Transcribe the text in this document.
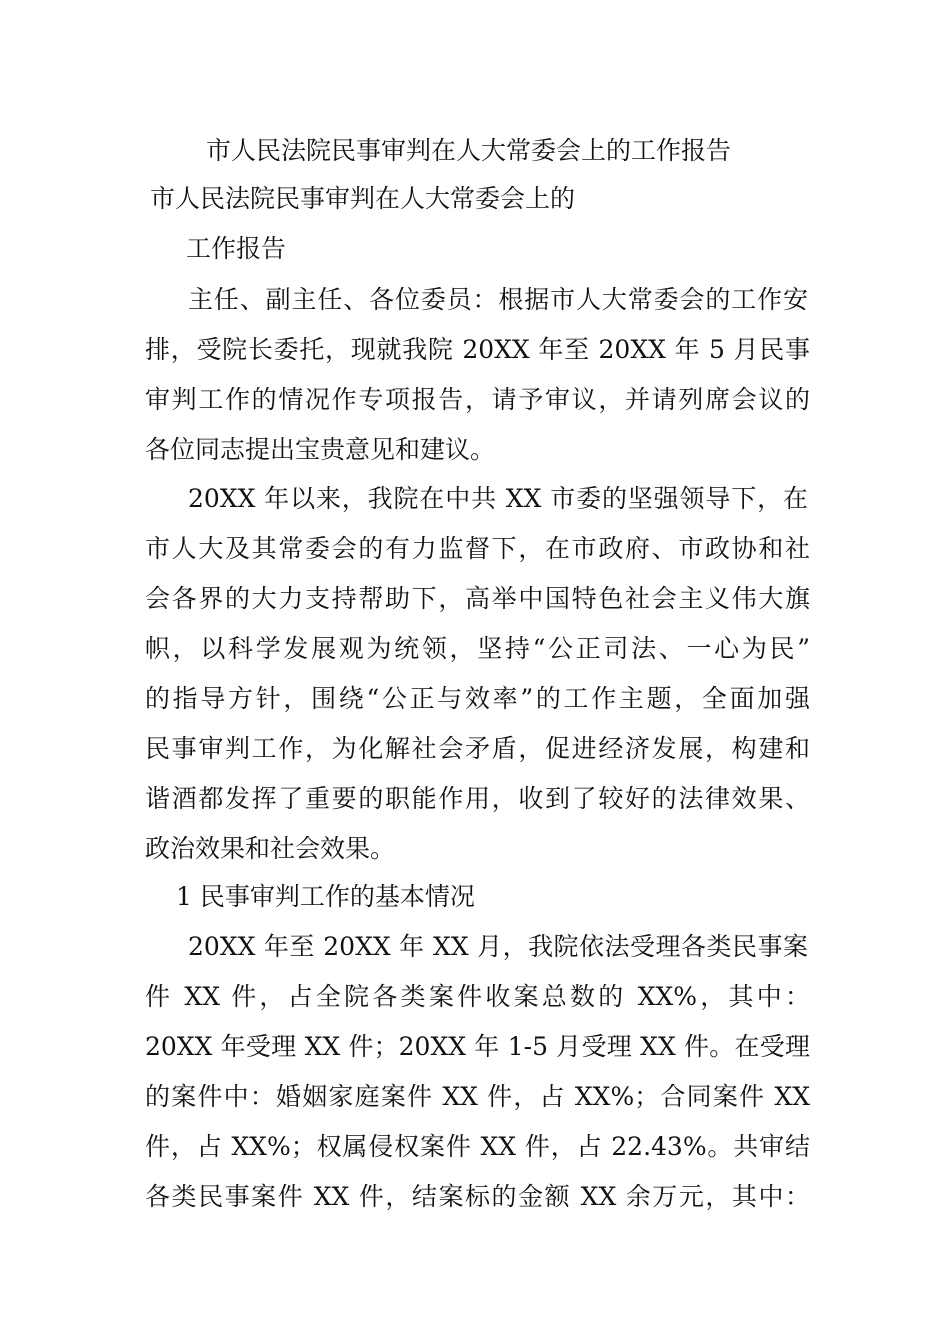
市人民法院民事审判在人大常委会上的工作报告
市人民法院民事审判在人大常委会上的
工作报告
主任、副主任、各位委员：根据市人大常委会的工作安
排，受院长委托，现就我院 20XX 年至 20XX 年 5 月民事
审判工作的情况作专项报告，请予审议，并请列席会议的
各位同志提出宝贵意见和建议。
20XX 年以来，我院在中共 XX 市委的坚强领导下，在
市人大及其常委会的有力监督下，在市政府、市政协和社
会各界的大力支持帮助下，高举中国特色社会主义伟大旗
帜，以科学发展观为统领，坚持“公正司法、一心为民”
的指导方针，围绕“公正与效率”的工作主题，全面加强
民事审判工作，为化解社会矛盾，促进经济发展，构建和
谐酒都发挥了重要的职能作用，收到了较好的法律效果、
政治效果和社会效果。
1 民事审判工作的基本情况
20XX 年至 20XX 年 XX 月，我院依法受理各类民事案
件 XX 件，占全院各类案件收案总数的 XX%，其中：
20XX 年受理 XX 件；20XX 年 1-5 月受理 XX 件。在受理
的案件中：婚姻家庭案件 XX 件，占 XX%；合同案件 XX
件，占 XX%；权属侵权案件 XX 件，占 22.43%。共审结
各类民事案件 XX 件，结案标的金额 XX 余万元，其中：
